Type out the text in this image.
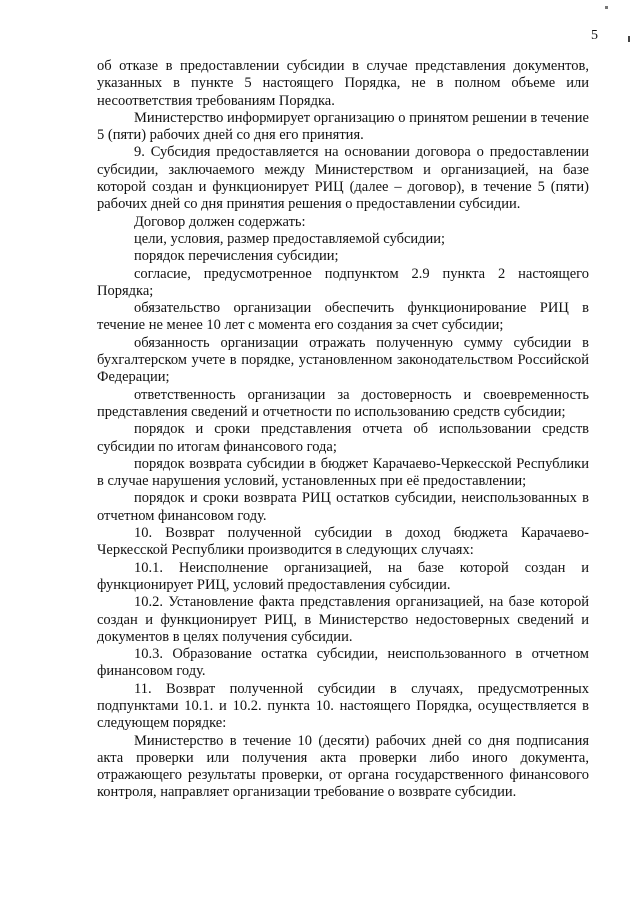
5

об отказе в предоставлении субсидии в случае представления документов, указанных в пункте 5 настоящего Порядка, не в полном объеме или несоответствия требованиям Порядка.

Министерство информирует организацию о принятом решении в течение 5 (пяти) рабочих дней со дня его принятия.

9. Субсидия предоставляется на основании договора о предоставлении субсидии, заключаемого между Министерством и организацией, на базе которой создан и функционирует РИЦ (далее – договор), в течение 5 (пяти) рабочих дней со дня принятия решения о предоставлении субсидии.

Договор должен содержать:

цели, условия, размер предоставляемой субсидии;

порядок перечисления субсидии;

согласие, предусмотренное подпунктом 2.9 пункта 2 настоящего Порядка;

обязательство организации обеспечить функционирование РИЦ в течение не менее 10 лет с момента его создания за счет субсидии;

обязанность организации отражать полученную сумму субсидии в бухгалтерском учете в порядке, установленном законодательством Российской Федерации;

ответственность организации за достоверность и своевременность представления сведений и отчетности по использованию средств субсидии;

порядок и сроки представления отчета об использовании средств субсидии по итогам финансового года;

порядок возврата субсидии в бюджет Карачаево-Черкесской Республики в случае нарушения условий, установленных при её предоставлении;

порядок и сроки возврата РИЦ остатков субсидии, неиспользованных в отчетном финансовом году.

10. Возврат полученной субсидии в доход бюджета Карачаево-Черкесской Республики производится в следующих случаях:

10.1. Неисполнение организацией, на базе которой создан и функционирует РИЦ, условий предоставления субсидии.

10.2. Установление факта представления организацией, на базе которой создан и функционирует РИЦ, в Министерство недостоверных сведений и документов в целях получения субсидии.

10.3. Образование остатка субсидии, неиспользованного в отчетном финансовом году.

11. Возврат полученной субсидии в случаях, предусмотренных подпунктами 10.1. и 10.2. пункта 10. настоящего Порядка, осуществляется в следующем порядке:

Министерство в течение 10 (десяти) рабочих дней со дня подписания акта проверки или получения акта проверки либо иного документа, отражающего результаты проверки, от органа государственного финансового контроля, направляет организации требование о возврате субсидии.
